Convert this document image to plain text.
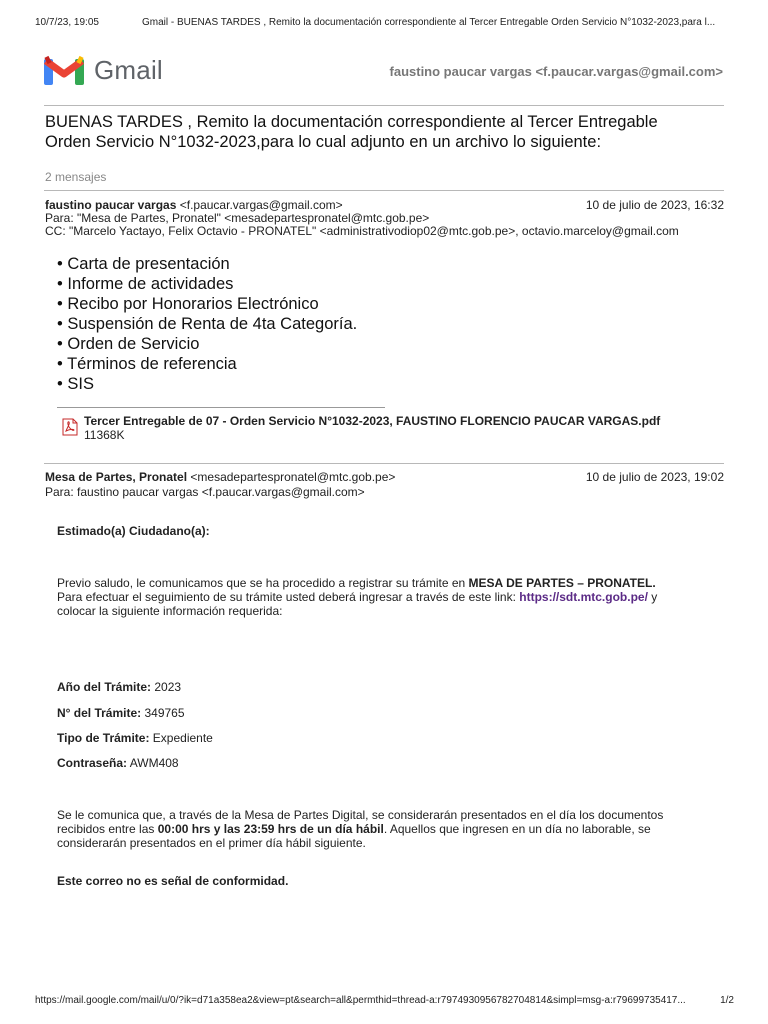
10/7/23, 19:05	Gmail - BUENAS TARDES , Remito la documentación correspondiente al Tercer Entregable Orden Servicio N°1032-2023,para l...
Gmail	faustino paucar vargas <f.paucar.vargas@gmail.com>
BUENAS TARDES , Remito la documentación correspondiente al Tercer Entregable Orden Servicio N°1032-2023,para lo cual adjunto en un archivo lo siguiente:
2 mensajes
faustino paucar vargas <f.paucar.vargas@gmail.com>	10 de julio de 2023, 16:32
Para: "Mesa de Partes, Pronatel" <mesadepartespronatel@mtc.gob.pe>
CC: "Marcelo Yactayo, Felix Octavio - PRONATEL" <administrativodiop02@mtc.gob.pe>, octavio.marceloy@gmail.com
• Carta de presentación
• Informe de actividades
• Recibo por Honorarios Electrónico
• Suspensión de Renta de 4ta Categoría.
• Orden de Servicio
• Términos de referencia
• SIS
Tercer Entregable de 07 - Orden Servicio N°1032-2023, FAUSTINO FLORENCIO PAUCAR VARGAS.pdf
11368K
Mesa de Partes, Pronatel <mesadepartespronatel@mtc.gob.pe>	10 de julio de 2023, 19:02
Para: faustino paucar vargas <f.paucar.vargas@gmail.com>
Estimado(a) Ciudadano(a):
Previo saludo, le comunicamos que se ha procedido a registrar su trámite en MESA DE PARTES – PRONATEL.
Para efectuar el seguimiento de su trámite usted deberá ingresar a través de este link: https://sdt.mtc.gob.pe/ y
colocar la siguiente información requerida:
Año del Trámite: 2023
N° del Trámite: 349765
Tipo de Trámite: Expediente
Contraseña: AWM408
Se le comunica que, a través de la Mesa de Partes Digital, se considerarán presentados en el día los documentos
recibidos entre las 00:00 hrs y las 23:59 hrs de un día hábil. Aquellos que ingresen en un día no laborable, se
considerarán presentados en el primer día hábil siguiente.
Este correo no es señal de conformidad.
https://mail.google.com/mail/u/0/?ik=d71a358ea2&view=pt&search=all&permthid=thread-a:r7974930956782704814&simpl=msg-a:r79699735417...	1/2
